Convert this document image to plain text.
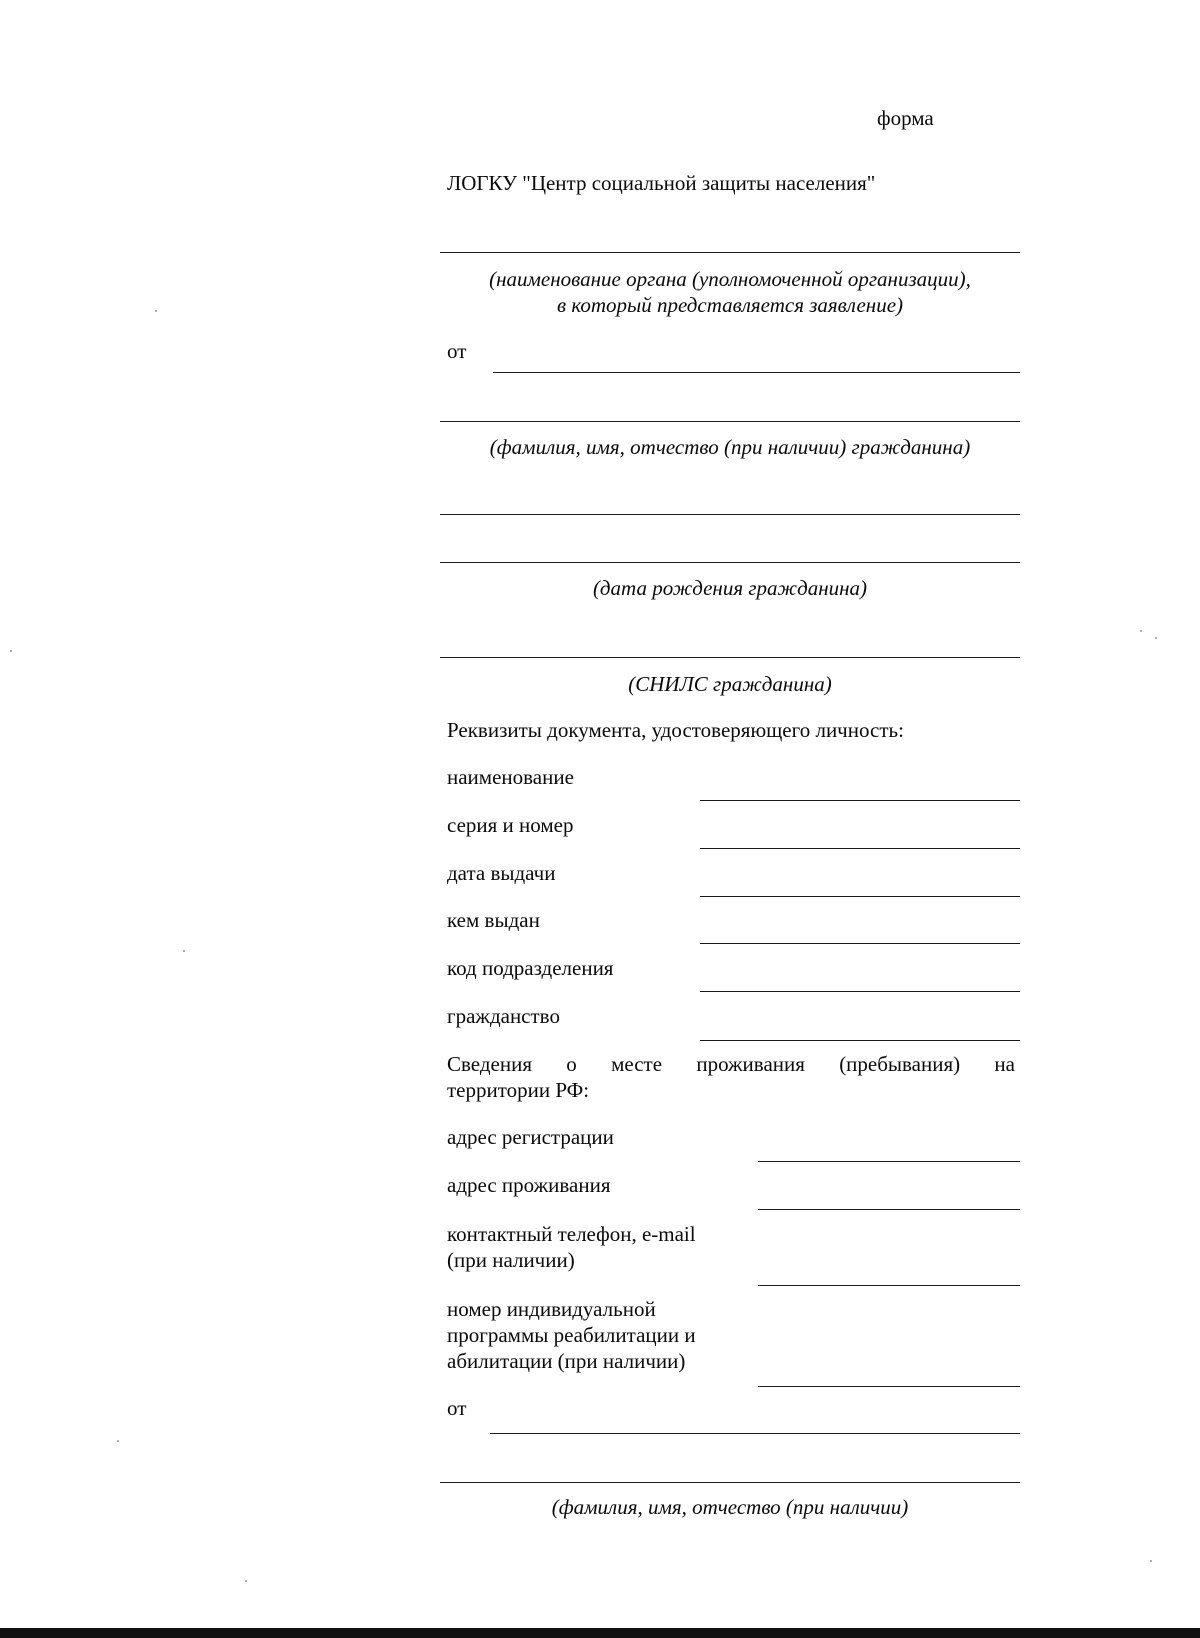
форма
ЛОГКУ "Центр социальной защиты населения"
(наименование органа (уполномоченной организации),
в который представляется заявление)
от
(фамилия, имя, отчество (при наличии) гражданина)
(дата рождения гражданина)
(СНИЛС гражданина)
Реквизиты документа, удостоверяющего личность:
наименование
серия и номер
дата выдачи
кем выдан
код подразделения
гражданство
Сведения о месте проживания (пребывания) на
территории РФ:
адрес регистрации
адрес проживания
контактный телефон, e-mail
(при наличии)
номер индивидуальной
программы реабилитации и
абилитации (при наличии)
от
(фамилия, имя, отчество (при наличии)
